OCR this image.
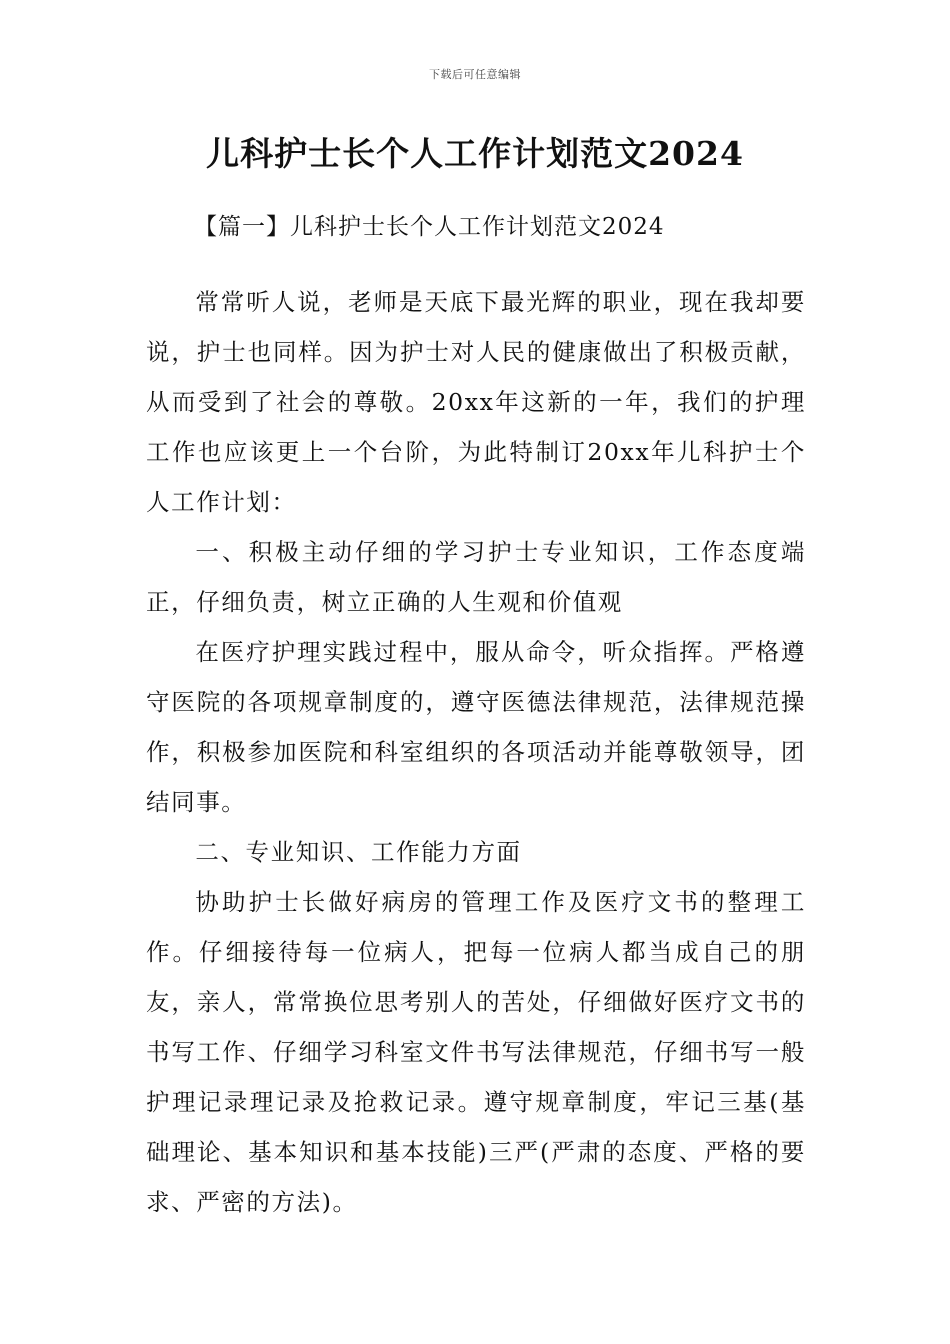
下载后可任意编辑
儿科护士长个人工作计划范文2024
【篇一】儿科护士长个人工作计划范文2024

常常听人说，老师是天底下最光辉的职业，现在我却要说，护士也同样。因为护士对人民的健康做出了积极贡献，从而受到了社会的尊敬。20xx年这新的一年，我们的护理工作也应该更上一个台阶，为此特制订20xx年儿科护士个人工作计划：

一、积极主动仔细的学习护士专业知识，工作态度端正，仔细负责，树立正确的人生观和价值观

在医疗护理实践过程中，服从命令，听众指挥。严格遵守医院的各项规章制度的，遵守医德法律规范，法律规范操作，积极参加医院和科室组织的各项活动并能尊敬领导，团结同事。

二、专业知识、工作能力方面

协助护士长做好病房的管理工作及医疗文书的整理工作。仔细接待每一位病人，把每一位病人都当成自己的朋友，亲人，常常换位思考别人的苦处，仔细做好医疗文书的书写工作、仔细学习科室文件书写法律规范，仔细书写一般护理记录理记录及抢救记录。遵守规章制度，牢记三基(基础理论、基本知识和基本技能)三严(严肃的态度、严格的要求、严密的方法)。
